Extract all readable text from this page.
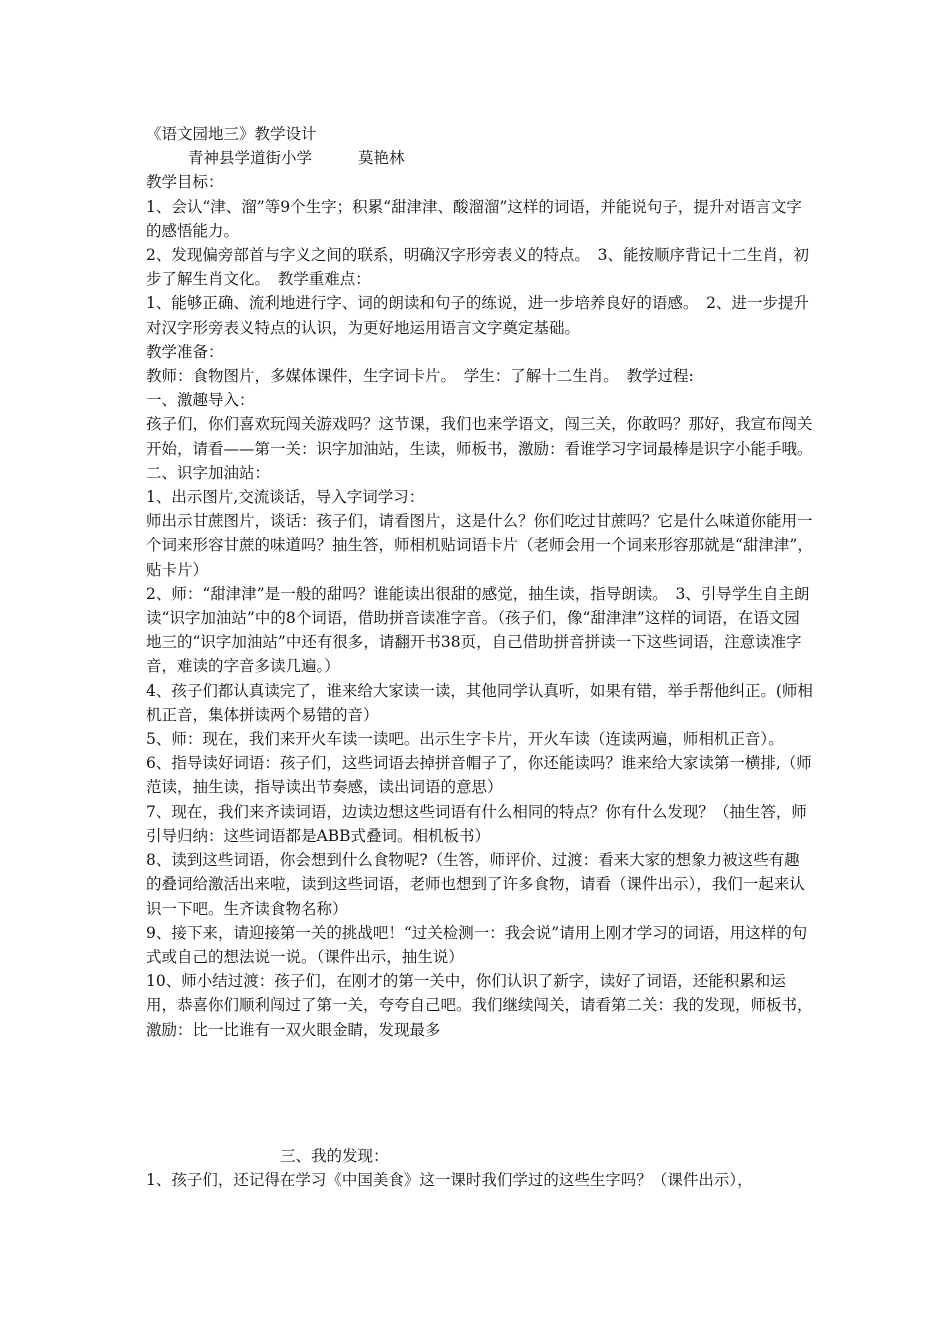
《语文园地三》教学设计

青神县学道街小学	莫艳林

教学目标：

1、会认“津、溜”等9个生字；积累“甜津津、酸溜溜”这样的词语，并能说句子，提升对语言文字的感悟能力。

2、发现偏旁部首与字义之间的联系，明确汉字形旁表义的特点。　3、能按顺序背记十二生肖，初步了解生肖文化。　教学重难点：

1、能够正确、流利地进行字、词的朗读和句子的练说，进一步培养良好的语感。　2、进一步提升对汉字形旁表义特点的认识，为更好地运用语言文字奠定基础。

教学准备：

教师：食物图片，多媒体课件，生字词卡片。　学生：了解十二生肖。　教学过程:

一、激趣导入：

孩子们，你们喜欢玩闯关游戏吗？这节课，我们也来学语文，闯三关，你敢吗？那好，我宣布闯关开始，请看——第一关：识字加油站，生读，师板书，激励：看谁学习字词最棒是识字小能手哦。　二、识字加油站：

1、出示图片,交流谈话，导入字词学习：

师出示甘蔗图片，谈话：孩子们，请看图片，这是什么？你们吃过甘蔗吗？它是什么味道你能用一个词来形容甘蔗的味道吗？抽生答，师相机贴词语卡片（老师会用一个词来形容那就是“甜津津”，贴卡片）

2、师：“甜津津”是一般的甜吗？谁能读出很甜的感觉，抽生读，指导朗读。　3、引导学生自主朗读“识字加油站”中的8个词语，借助拼音读准字音。（孩子们，像“甜津津”这样的词语，在语文园地三的“识字加油站”中还有很多，请翻开书38页，自己借助拼音拼读一下这些词语，注意读准字音，难读的字音多读几遍。）

4、孩子们都认真读完了，谁来给大家读一读，其他同学认真听，如果有错，举手帮他纠正。(师相机正音，集体拼读两个易错的音）

5、师：现在，我们来开火车读一读吧。出示生字卡片，开火车读（连读两遍，师相机正音）。　6、指导读好词语：孩子们，这些词语去掉拼音帽子了，你还能读吗？谁来给大家读第一横排,（师范读，抽生读，指导读出节奏感，读出词语的意思）

7、现在，我们来齐读词语，边读边想这些词语有什么相同的特点？你有什么发现？（抽生答，师引导归纳：这些词语都是ABB式叠词。相机板书）

8、读到这些词语，你会想到什么食物呢?（生答，师评价、过渡：看来大家的想象力被这些有趣的叠词给激活出来啦，读到这些词语，老师也想到了许多食物，请看（课件出示），我们一起来认识一下吧。生齐读食物名称）

9、接下来，请迎接第一关的挑战吧！“过关检测一：我会说”请用上刚才学习的词语，用这样的句式或自己的想法说一说。（课件出示，抽生说）

10、师小结过渡：孩子们，在刚才的第一关中，你们认识了新字，读好了词语，还能积累和运用，恭喜你们顺利闯过了第一关，夸夸自己吧。我们继续闯关，请看第二关：我的发现，师板书，激励：比一比谁有一双火眼金睛，发现最多

三、我的发现：

1、孩子们，还记得在学习《中国美食》这一课时我们学过的这些生字吗？（课件出示），
